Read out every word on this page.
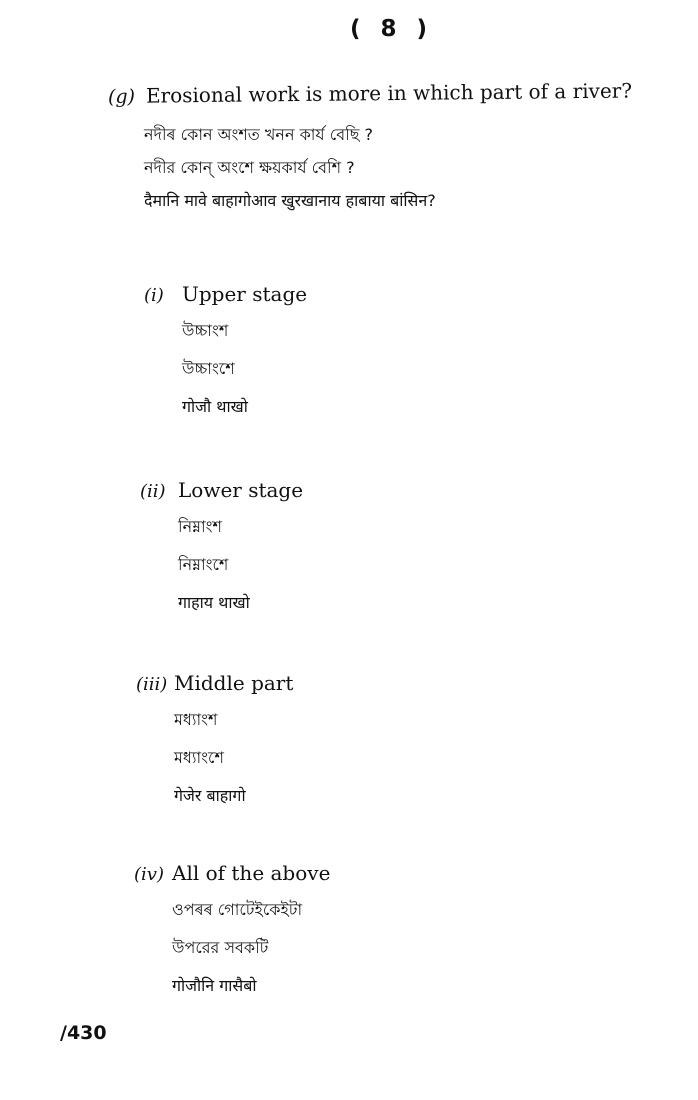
( 8 )
(g) Erosional work is more in which part of a river?
নদীৰ কোন অংশত খনন কাৰ্য বেছি ?
নদীর কোন্ অংশে ক্ষয়কার্য বেশি ?
दैमानि मावे बाहागोआव खुरखानाय हाबाया बांसिन?
(i) Upper stage
উচ্চাংশ
উচ্চাংশে
गोजौ थाखो
(ii) Lower stage
নিম্নাংশ
নিম্নাংশে
गाहाय थाखो
(iii) Middle part
মধ্যাংশ
মধ্যাংশে
गेजेर बाहागो
(iv) All of the above
ওপৰৰ গোটেইকেইটা
উপরের সবকটি
गोजौनि गासैबो
/430
